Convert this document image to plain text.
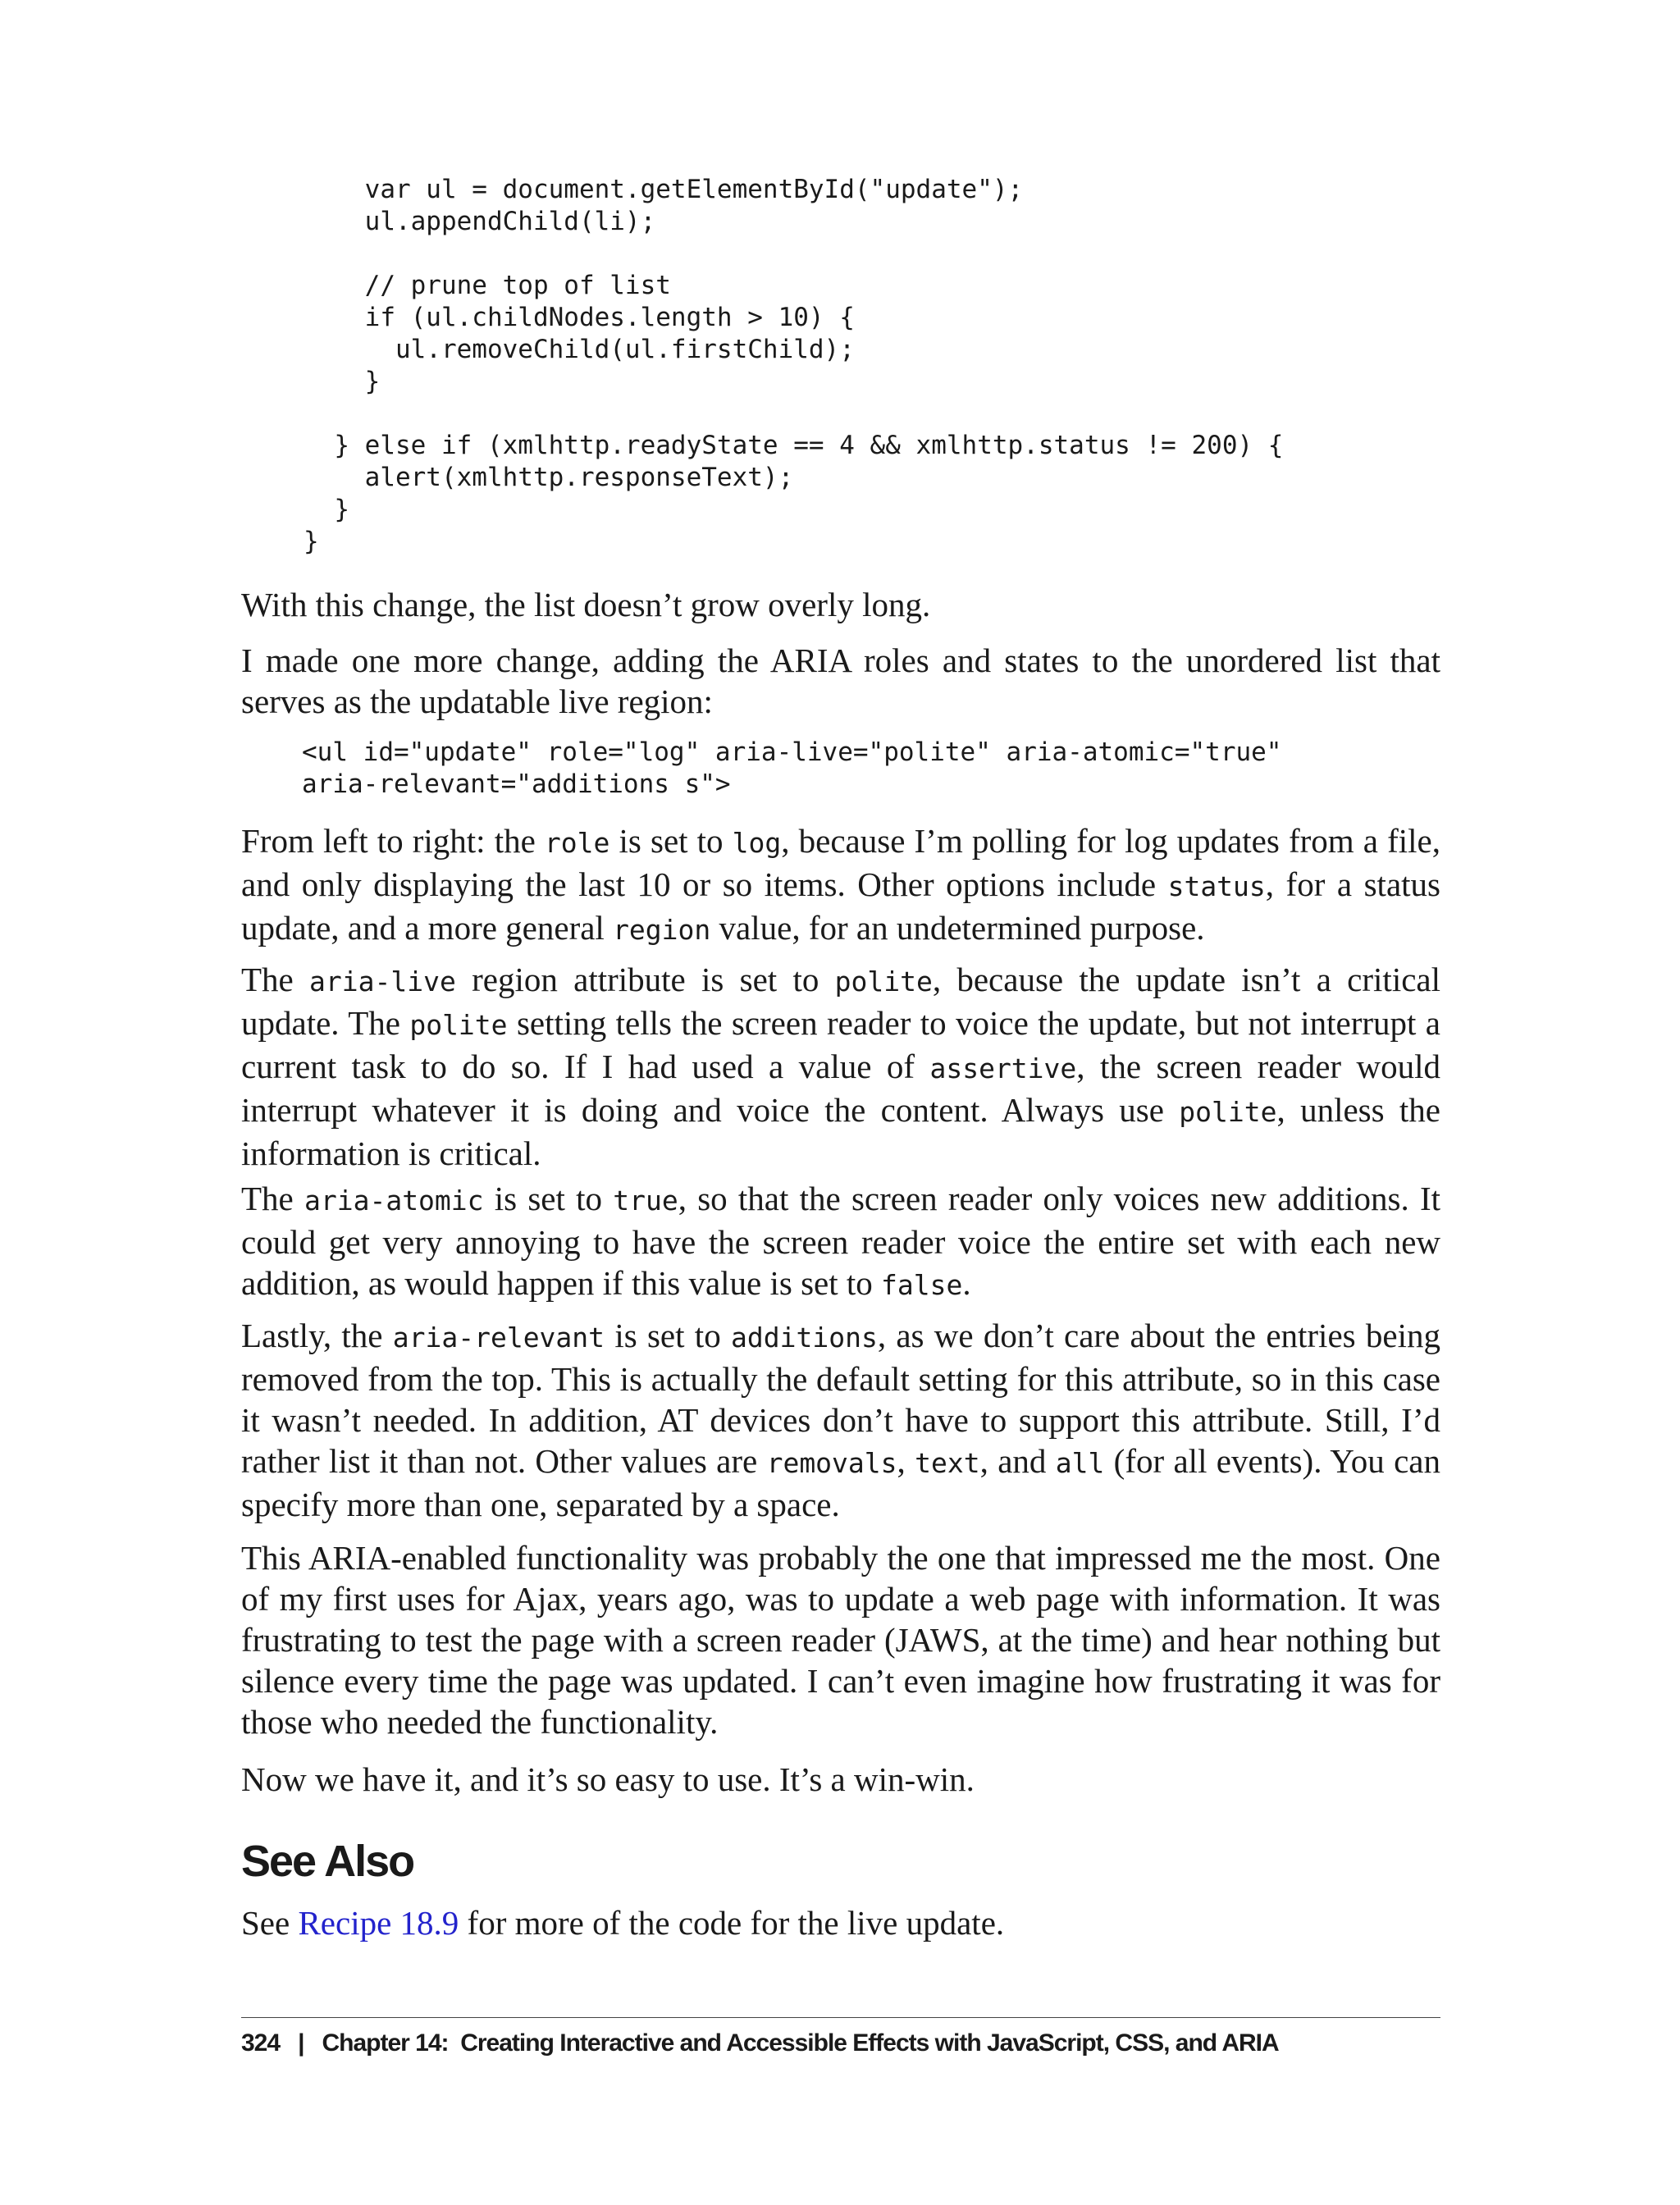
var ul = document.getElementById("update");
ul.appendChild(li);

// prune top of list
if (ul.childNodes.length > 10) {
ul.removeChild(ul.firstChild);
}

} else if (xmlhttp.readyState == 4 && xmlhttp.status != 200) {
alert(xmlhttp.responseText);
}
}

With this change, the list doesn’t grow overly long.

I made one more change, adding the ARIA roles and states to the unordered list that serves as the updatable live region:

<ul id="update" role="log" aria-live="polite" aria-atomic="true"
aria-relevant="additions s">

From left to right: the role is set to log, because I’m polling for log updates from a file, and only displaying the last 10 or so items. Other options include status, for a status update, and a more general region value, for an undetermined purpose.

The aria-live region attribute is set to polite, because the update isn’t a critical update. The polite setting tells the screen reader to voice the update, but not interrupt a current task to do so. If I had used a value of assertive, the screen reader would interrupt whatever it is doing and voice the content. Always use polite, unless the information is critical.

The aria-atomic is set to true, so that the screen reader only voices new additions. It could get very annoying to have the screen reader voice the entire set with each new addition, as would happen if this value is set to false.

Lastly, the aria-relevant is set to additions, as we don’t care about the entries being removed from the top. This is actually the default setting for this attribute, so in this case it wasn’t needed. In addition, AT devices don’t have to support this attribute. Still, I’d rather list it than not. Other values are removals, text, and all (for all events). You can specify more than one, separated by a space.

This ARIA-enabled functionality was probably the one that impressed me the most. One of my first uses for Ajax, years ago, was to update a web page with information. It was frustrating to test the page with a screen reader (JAWS, at the time) and hear nothing but silence every time the page was updated. I can’t even imagine how frustrating it was for those who needed the functionality.

Now we have it, and it’s so easy to use. It’s a win-win.

See Also

See Recipe 18.9 for more of the code for the live update.

324 | Chapter 14:  Creating Interactive and Accessible Effects with JavaScript, CSS, and ARIA
